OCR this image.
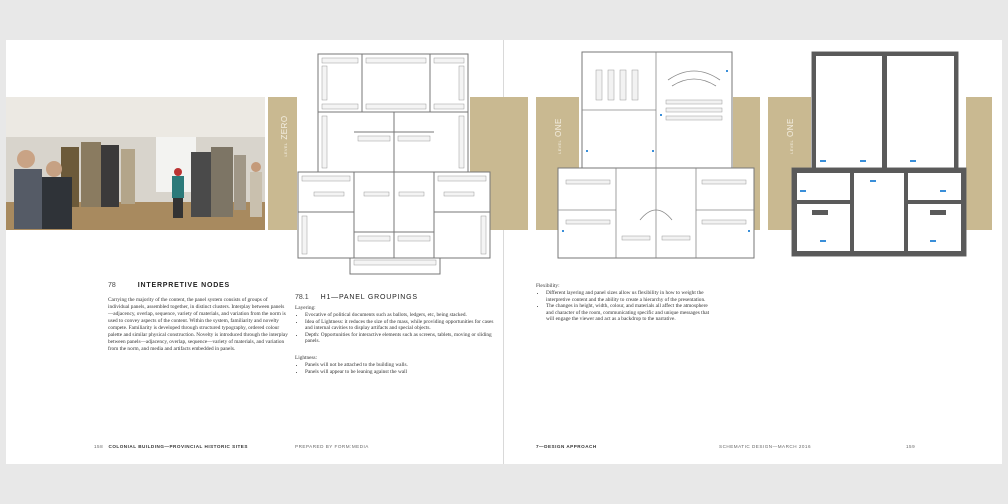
LEVELZERO
LEVELONE
LEVELONE
78	INTERPRETIVE NODES
Carrying the majority of the content, the panel system consists of groups of individual panels, assembled together, in distinct clusters. Interplay between panels—adjacency, overlap, sequence, variety of materials, and variation from the norm is used to convey aspects of the content. Within the system, familiarity and novelty compete. Familiarity is developed through structured typography, ordered colour palette and similar physical construction. Novelty is introduced through the interplay between panels—adjacency, overlap, sequence—variety of materials, and variation from the norm, and media and artifacts embedded in panels.
78.1 H1—PANEL GROUPINGS
Layering:
• Evocative of political documents such as ballots, ledgers, etc, being stacked.
• Idea of Lightness: it reduces the size of the mass, while providing opportunities for cases and internal cavities to display artifacts and special objects.
• Depth: Opportunities for interactive elements such as screens, tablets, moving or sliding panels.
Lightness:
• Panels will not be attached to the building walls.
• Panels will appear to be leaning against the wall
Flexibility:
• Different layering and panel sizes allow us flexibility in how to weight the interpretive content and the ability to create a hierarchy of the presentation.
• The changes in height, width, colour, and materials all affect the atmosphere and character of the room, communicating specific and unique messages that will engage the viewer and act as a backdrop to the narrative.
158 COLONIAL BUILDING—PROVINCIAL HISTORIC SITES	PREPARED BY FORM:MEDIA	7—DESIGN APPROACH	SCHEMATIC DESIGN—MARCH 2016	159
